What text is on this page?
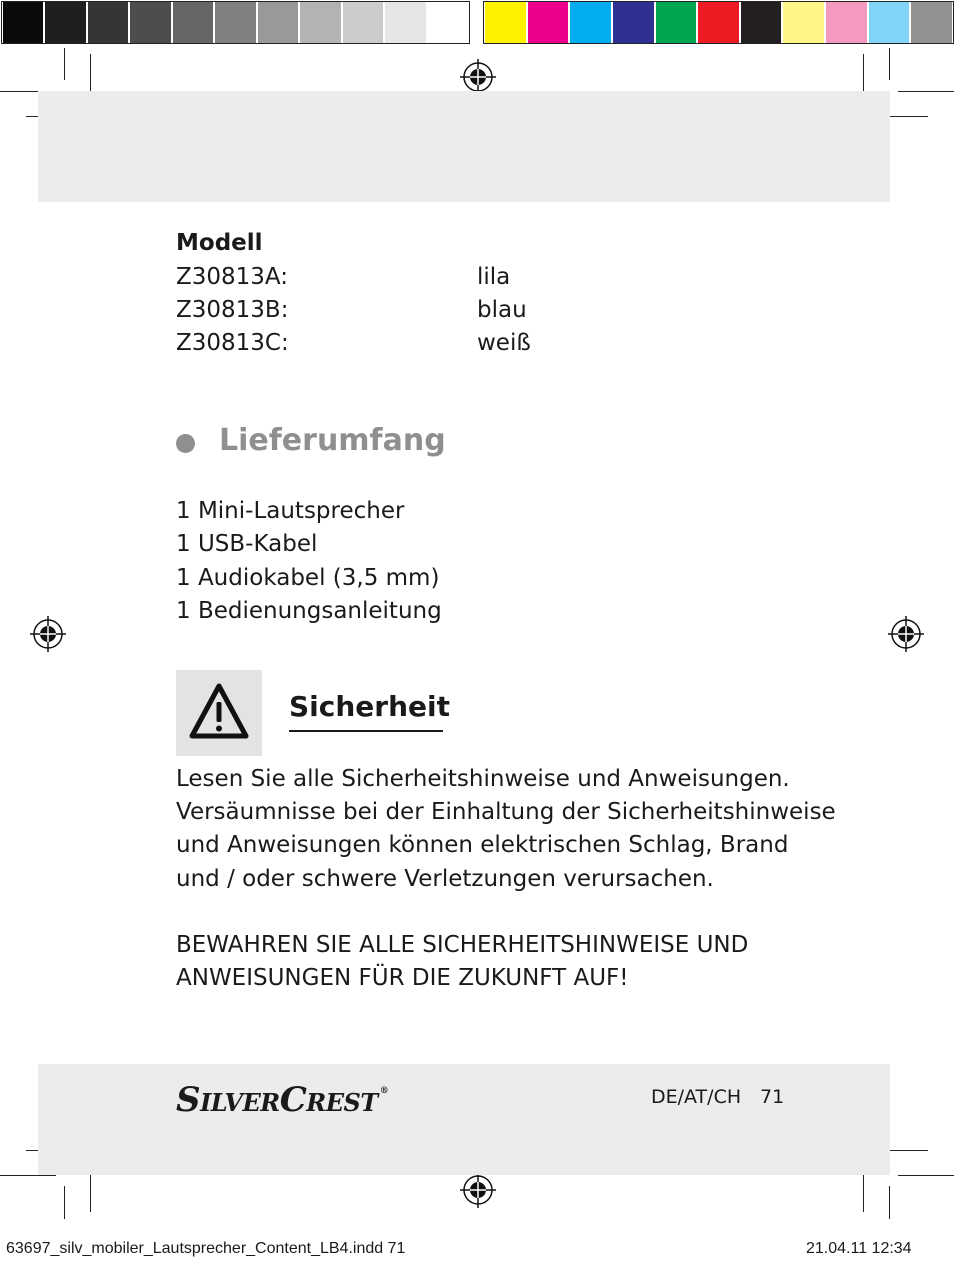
Modell
Z30813A:	lila
Z30813B:	blau
Z30813C:	weiß
Lieferumfang
1 Mini-Lautsprecher
1 USB-Kabel
1 Audiokabel (3,5 mm)
1 Bedienungsanleitung
Sicherheit
Lesen Sie alle Sicherheitshinweise und Anweisungen.
Versäumnisse bei der Einhaltung der Sicherheitshinweise
und Anweisungen können elektrischen Schlag, Brand
und / oder schwere Verletzungen verursachen.
BEWAHREN SIE ALLE SICHERHEITSHINWEISE UND
ANWEISUNGEN FÜR DIE ZUKUNFT AUF!
SILVERCREST ®	DE/AT/CH 71
63697_silv_mobiler_Lautsprecher_Content_LB4.indd 71	21.04.11 12:34
